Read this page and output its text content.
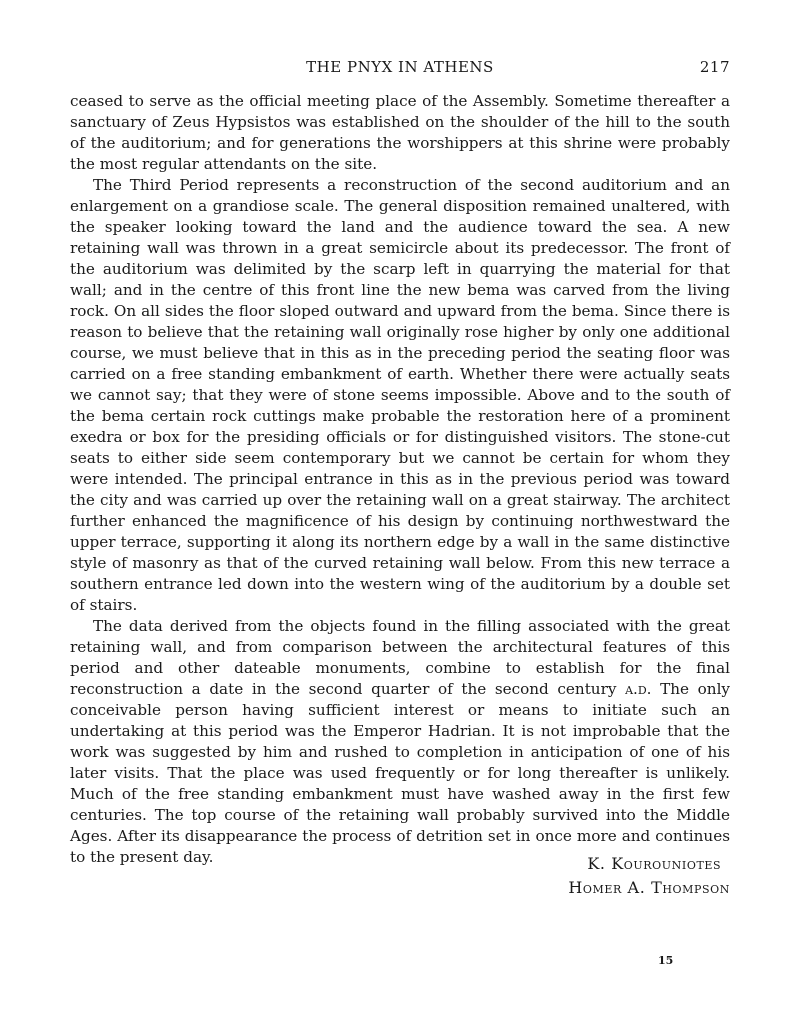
THE PNYX IN ATHENS	217

ceased to serve as the official meeting place of the Assembly. Sometime thereafter a sanctuary of Zeus Hypsistos was established on the shoulder of the hill to the south of the auditorium; and for generations the worshippers at this shrine were probably the most regular attendants on the site.

The Third Period represents a reconstruction of the second auditorium and an enlargement on a grandiose scale. The general disposition remained unaltered, with the speaker looking toward the land and the audience toward the sea. A new retaining wall was thrown in a great semicircle about its predecessor. The front of the auditorium was delimited by the scarp left in quarrying the material for that wall; and in the centre of this front line the new bema was carved from the living rock. On all sides the floor sloped outward and upward from the bema. Since there is reason to believe that the retaining wall originally rose higher by only one additional course, we must believe that in this as in the preceding period the seating floor was carried on a free standing embankment of earth. Whether there were actually seats we cannot say; that they were of stone seems impossible. Above and to the south of the bema certain rock cuttings make probable the restoration here of a prominent exedra or box for the presiding officials or for distinguished visitors. The stone-cut seats to either side seem contemporary but we cannot be certain for whom they were intended. The principal entrance in this as in the previous period was toward the city and was carried up over the retaining wall on a great stairway. The architect further enhanced the magnificence of his design by continuing northwestward the upper terrace, supporting it along its northern edge by a wall in the same distinctive style of masonry as that of the curved retaining wall below. From this new terrace a southern entrance led down into the western wing of the auditorium by a double set of stairs.

The data derived from the objects found in the filling associated with the great retaining wall, and from comparison between the architectural features of this period and other dateable monuments, combine to establish for the final reconstruction a date in the second quarter of the second century a.d. The only conceivable person having sufficient interest or means to initiate such an undertaking at this period was the Emperor Hadrian. It is not improbable that the work was suggested by him and rushed to completion in anticipation of one of his later visits. That the place was used frequently or for long thereafter is unlikely. Much of the free standing embankment must have washed away in the first few centuries. The top course of the retaining wall probably survived into the Middle Ages. After its disappearance the process of detrition set in once more and continues to the present day.	K. Kourouniotes
Homer A. Thompson
15
